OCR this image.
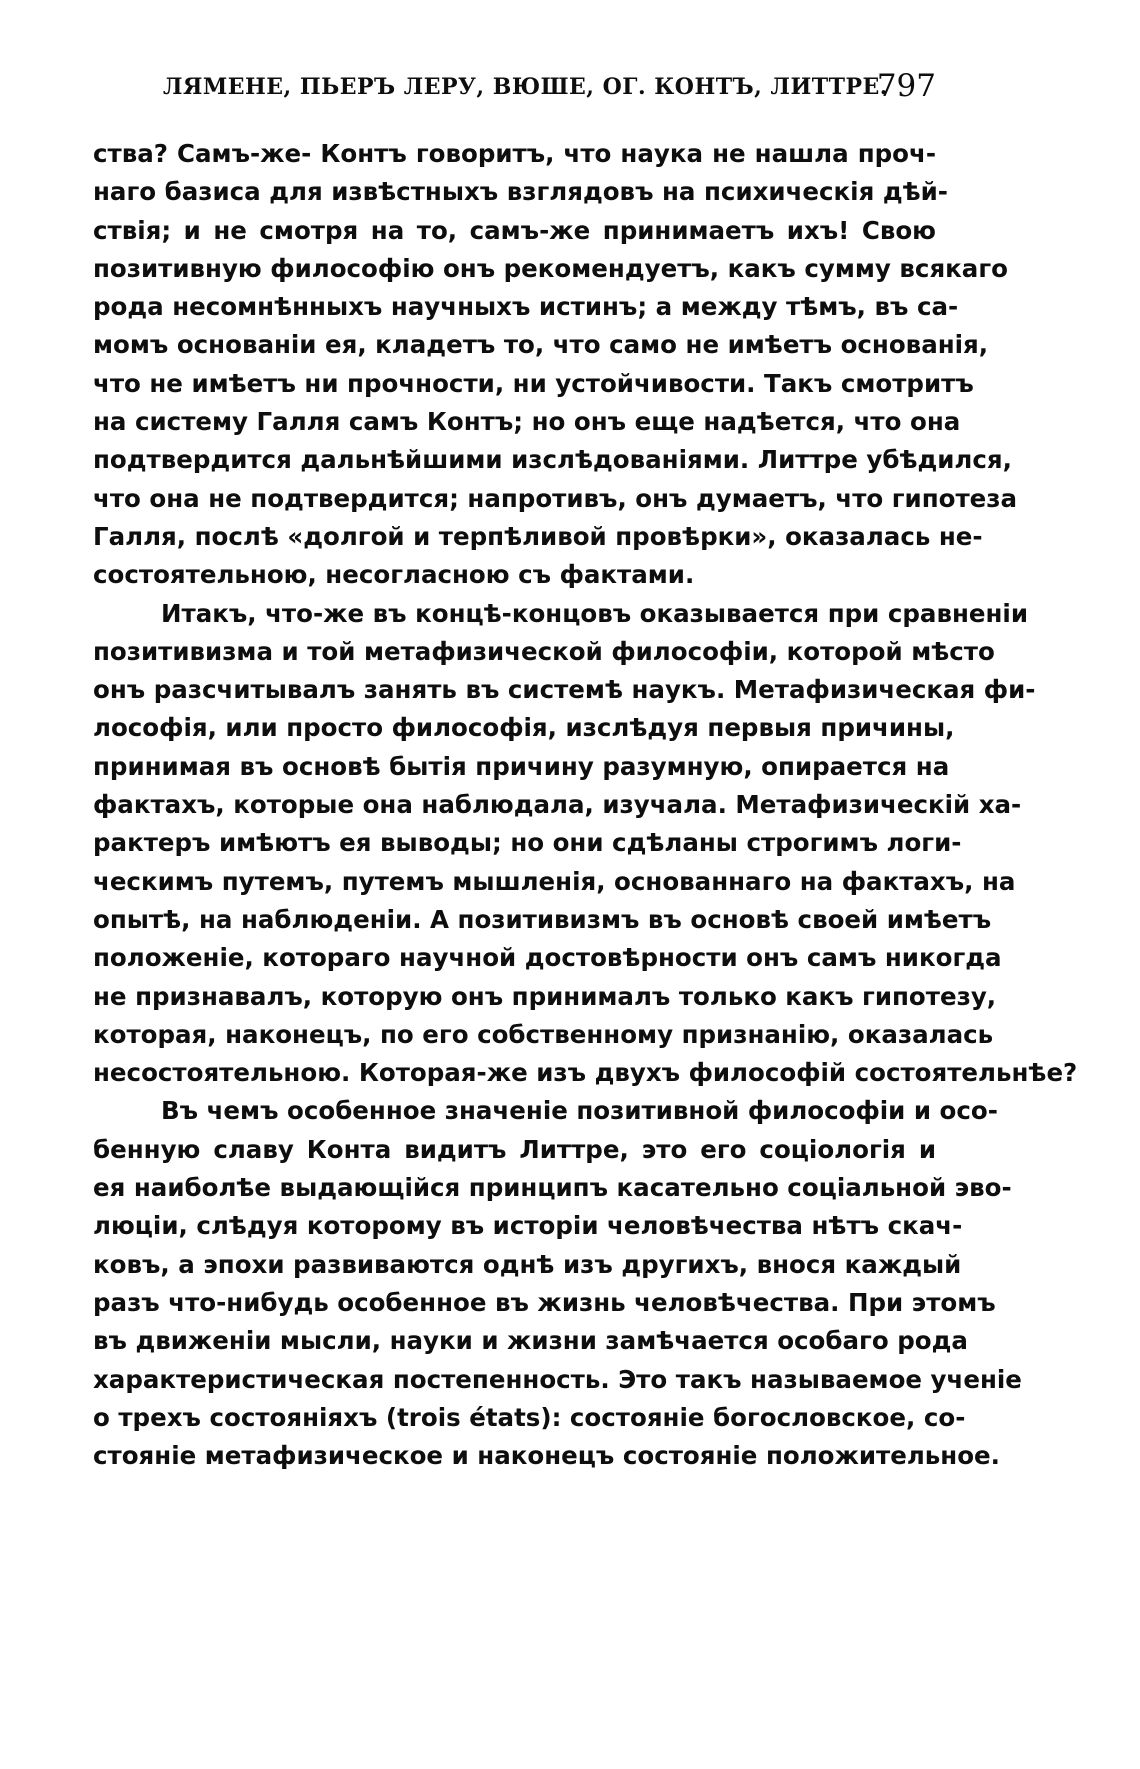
ЛЯМЕНЕ, ПЬЕРЪ ЛЕРУ, ВЮШЕ, ОГ. КОНТЪ, ЛИТТРЕ.
797
ства? Самъ-же- Контъ говоритъ, что наука не нашла проч-
наго базиса для извѣстныхъ взглядовъ на психическія дѣй-
ствія; и не смотря на то, самъ-же принимаетъ ихъ! Свою
позитивную философію онъ рекомендуетъ, какъ сумму всякаго
рода несомнѣнныхъ научныхъ истинъ; а между тѣмъ, въ са-
момъ основаніи ея, кладетъ то, что само не имѣетъ основанія,
что не имѣетъ ни прочности, ни устойчивости. Такъ смотритъ
на систему Галля самъ Контъ; но онъ еще надѣется, что она
подтвердится дальнѣйшими изслѣдованіями. Литтре убѣдился,
что она не подтвердится; напротивъ, онъ думаетъ, что гипотеза
Галля, послѣ «долгой и терпѣливой провѣрки», оказалась не-
состоятельною, несогласною съ фактами.
Итакъ, что-же въ концѣ-концовъ оказывается при сравненіи
позитивизма и той метафизической философіи, которой мѣсто
онъ разсчитывалъ занять въ системѣ наукъ. Метафизическая фи-
лософія, или просто философія, изслѣдуя первыя причины,
принимая въ основѣ бытія причину разумную, опирается на
фактахъ, которые она наблюдала, изучала. Метафизическій ха-
рактеръ имѣютъ ея выводы; но они сдѣланы строгимъ логи-
ческимъ путемъ, путемъ мышленія, основаннаго на фактахъ, на
опытѣ, на наблюденіи. А позитивизмъ въ основѣ своей имѣетъ
положеніе, котораго научной достовѣрности онъ самъ никогда
не признавалъ, которую онъ принималъ только какъ гипотезу,
которая, наконецъ, по его собственному признанію, оказалась
несостоятельною. Которая-же изъ двухъ философій состоятельнѣе?
Въ чемъ особенное значеніе позитивной философіи и осо-
бенную славу Конта видитъ Литтре, это его соціологія и
ея наиболѣе выдающійся принципъ касательно соціальной эво-
люціи, слѣдуя которому въ исторіи человѣчества нѣтъ скач-
ковъ, а эпохи развиваются однѣ изъ другихъ, внося каждый
разъ что-нибудь особенное въ жизнь человѣчества. При этомъ
въ движеніи мысли, науки и жизни замѣчается особаго рода
характеристическая постепенность. Это такъ называемое ученіе
о трехъ состояніяхъ (trois états): состояніе богословское, со-
стояніе метафизическое и наконецъ состояніе положительное.
